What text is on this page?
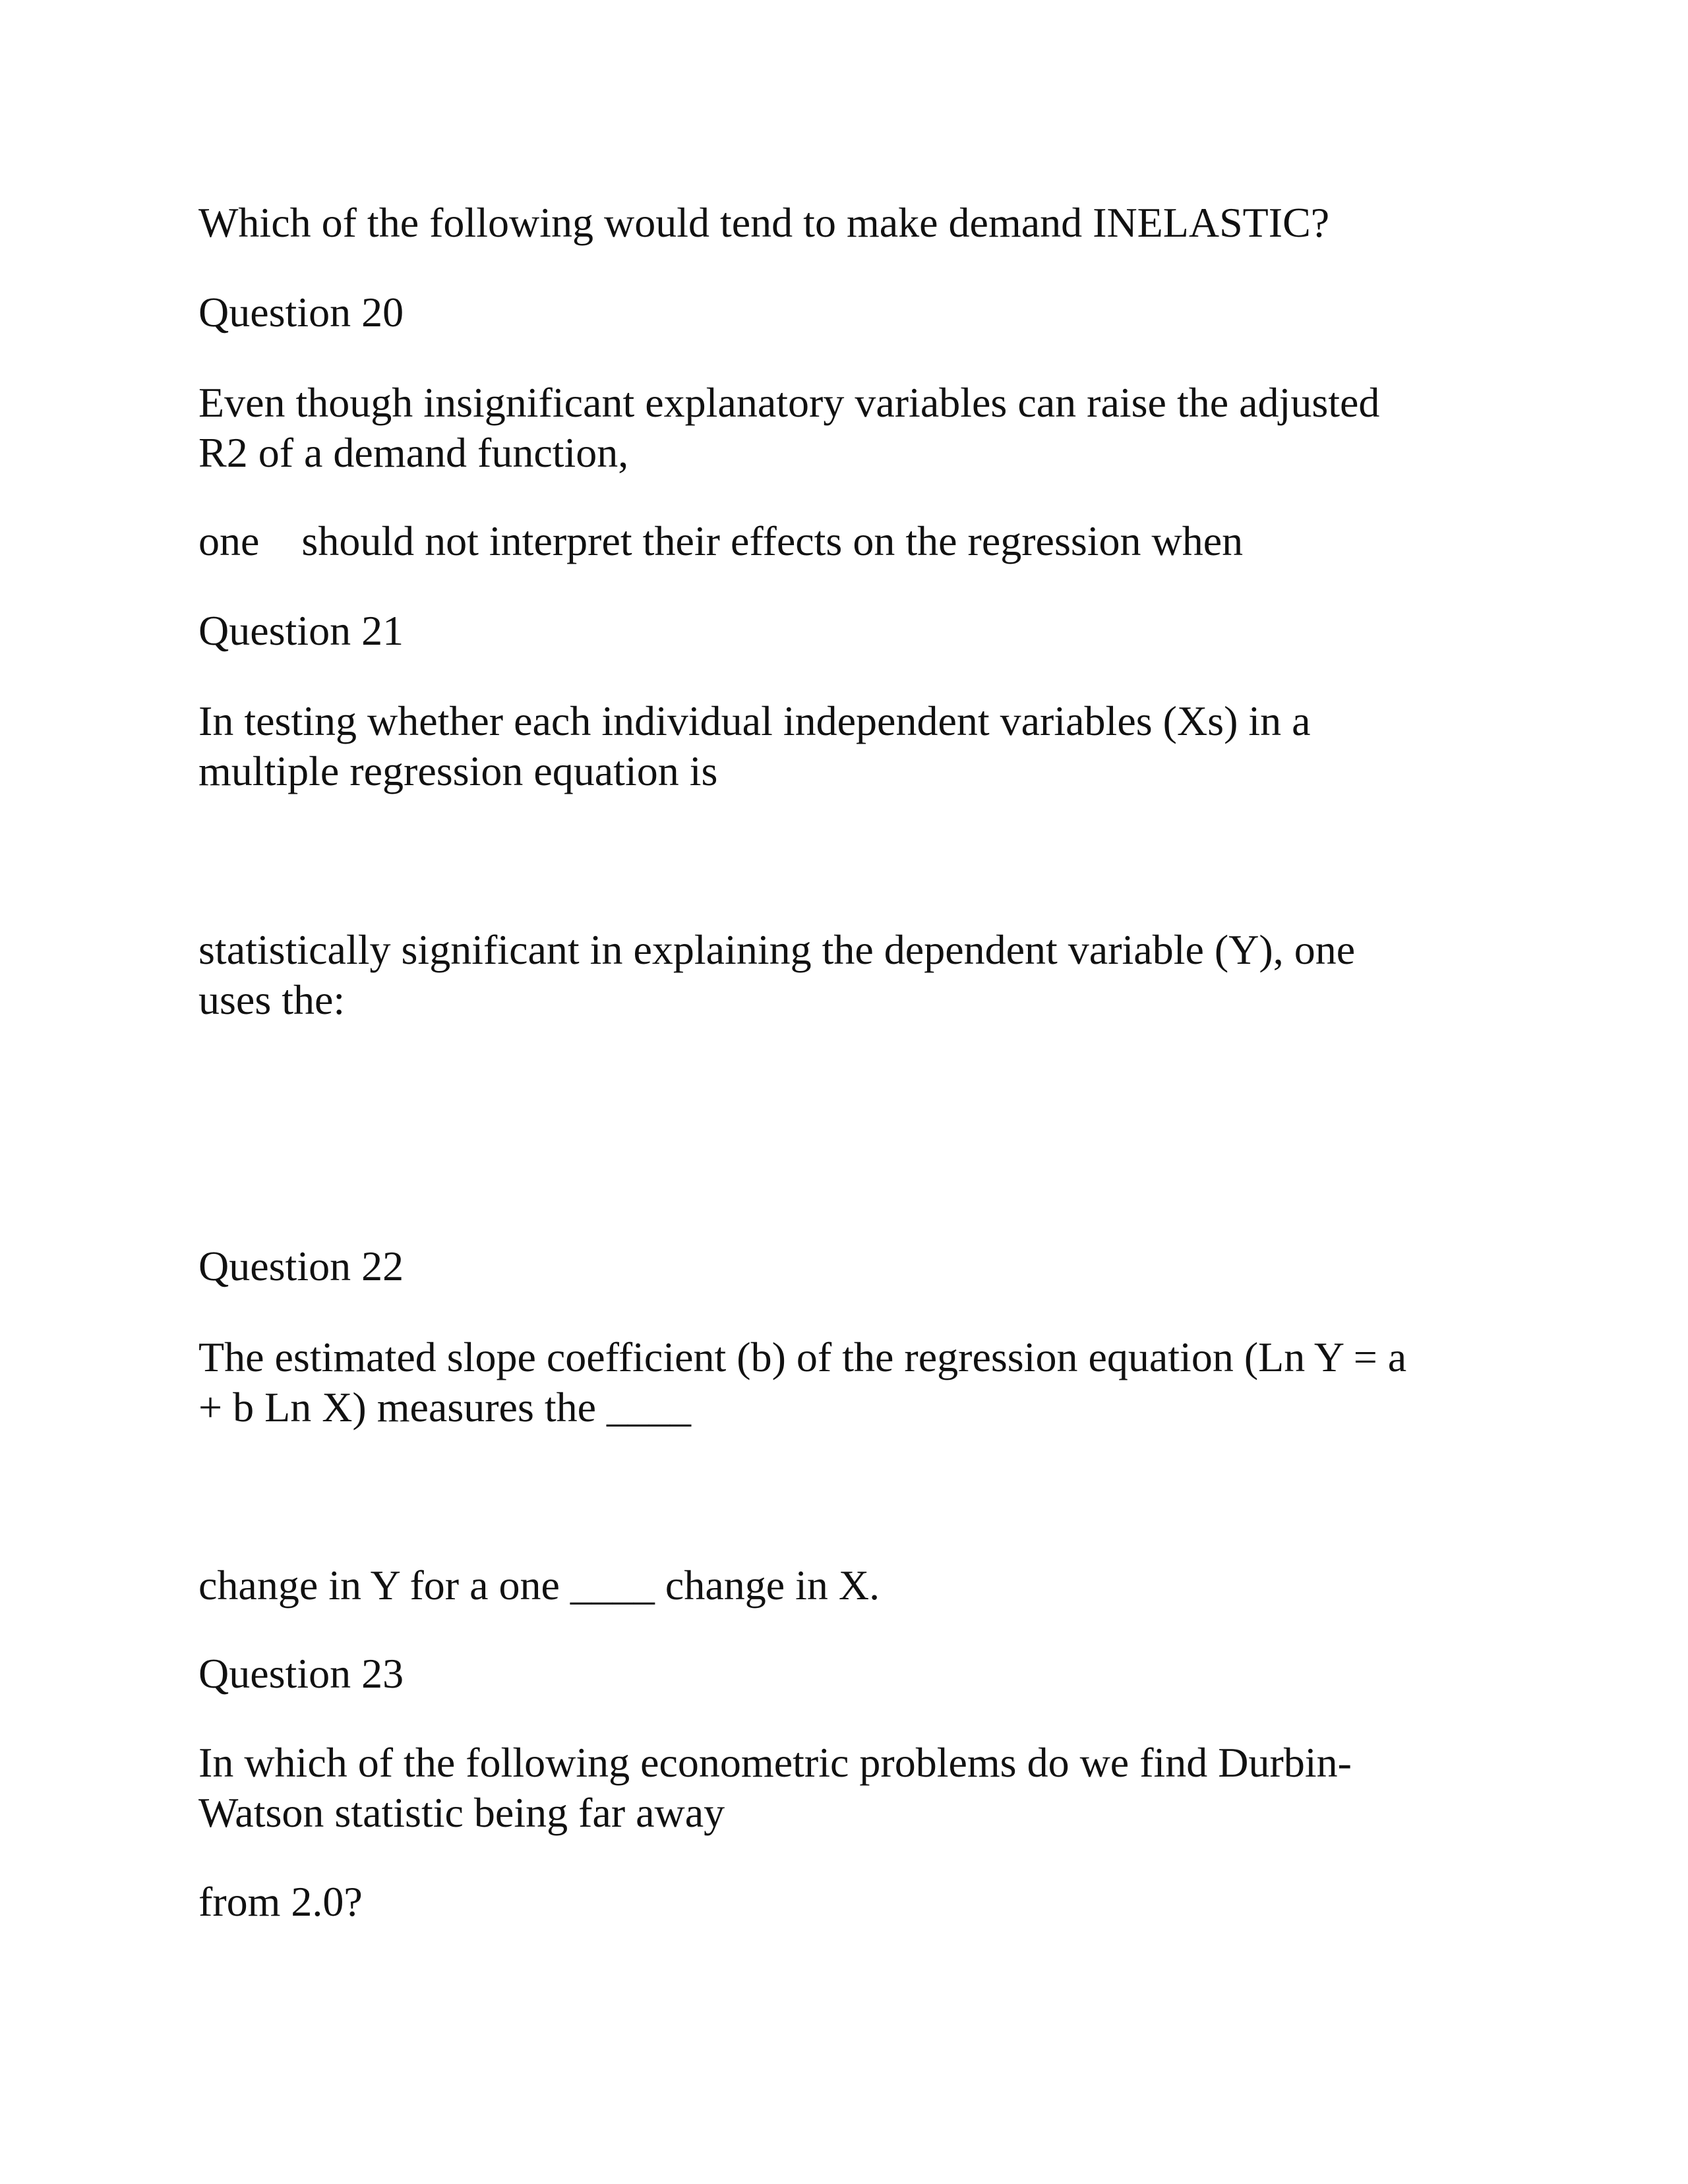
Which of the following would tend to make demand INELASTIC?

Question 20

Even though insignificant explanatory variables can raise the adjusted

R2 of a demand function,

one    should not interpret their effects on the regression when

Question 21

In testing whether each individual independent variables (Xs) in a

multiple regression equation is

statistically significant in explaining the dependent variable (Y), one

uses the:

Question 22

The estimated slope coefficient (b) of the regression equation (Ln Y = a

+ b Ln X) measures the ____

change in Y for a one ____ change in X.

Question 23

In which of the following econometric problems do we find Durbin-

Watson statistic being far away

from 2.0?
